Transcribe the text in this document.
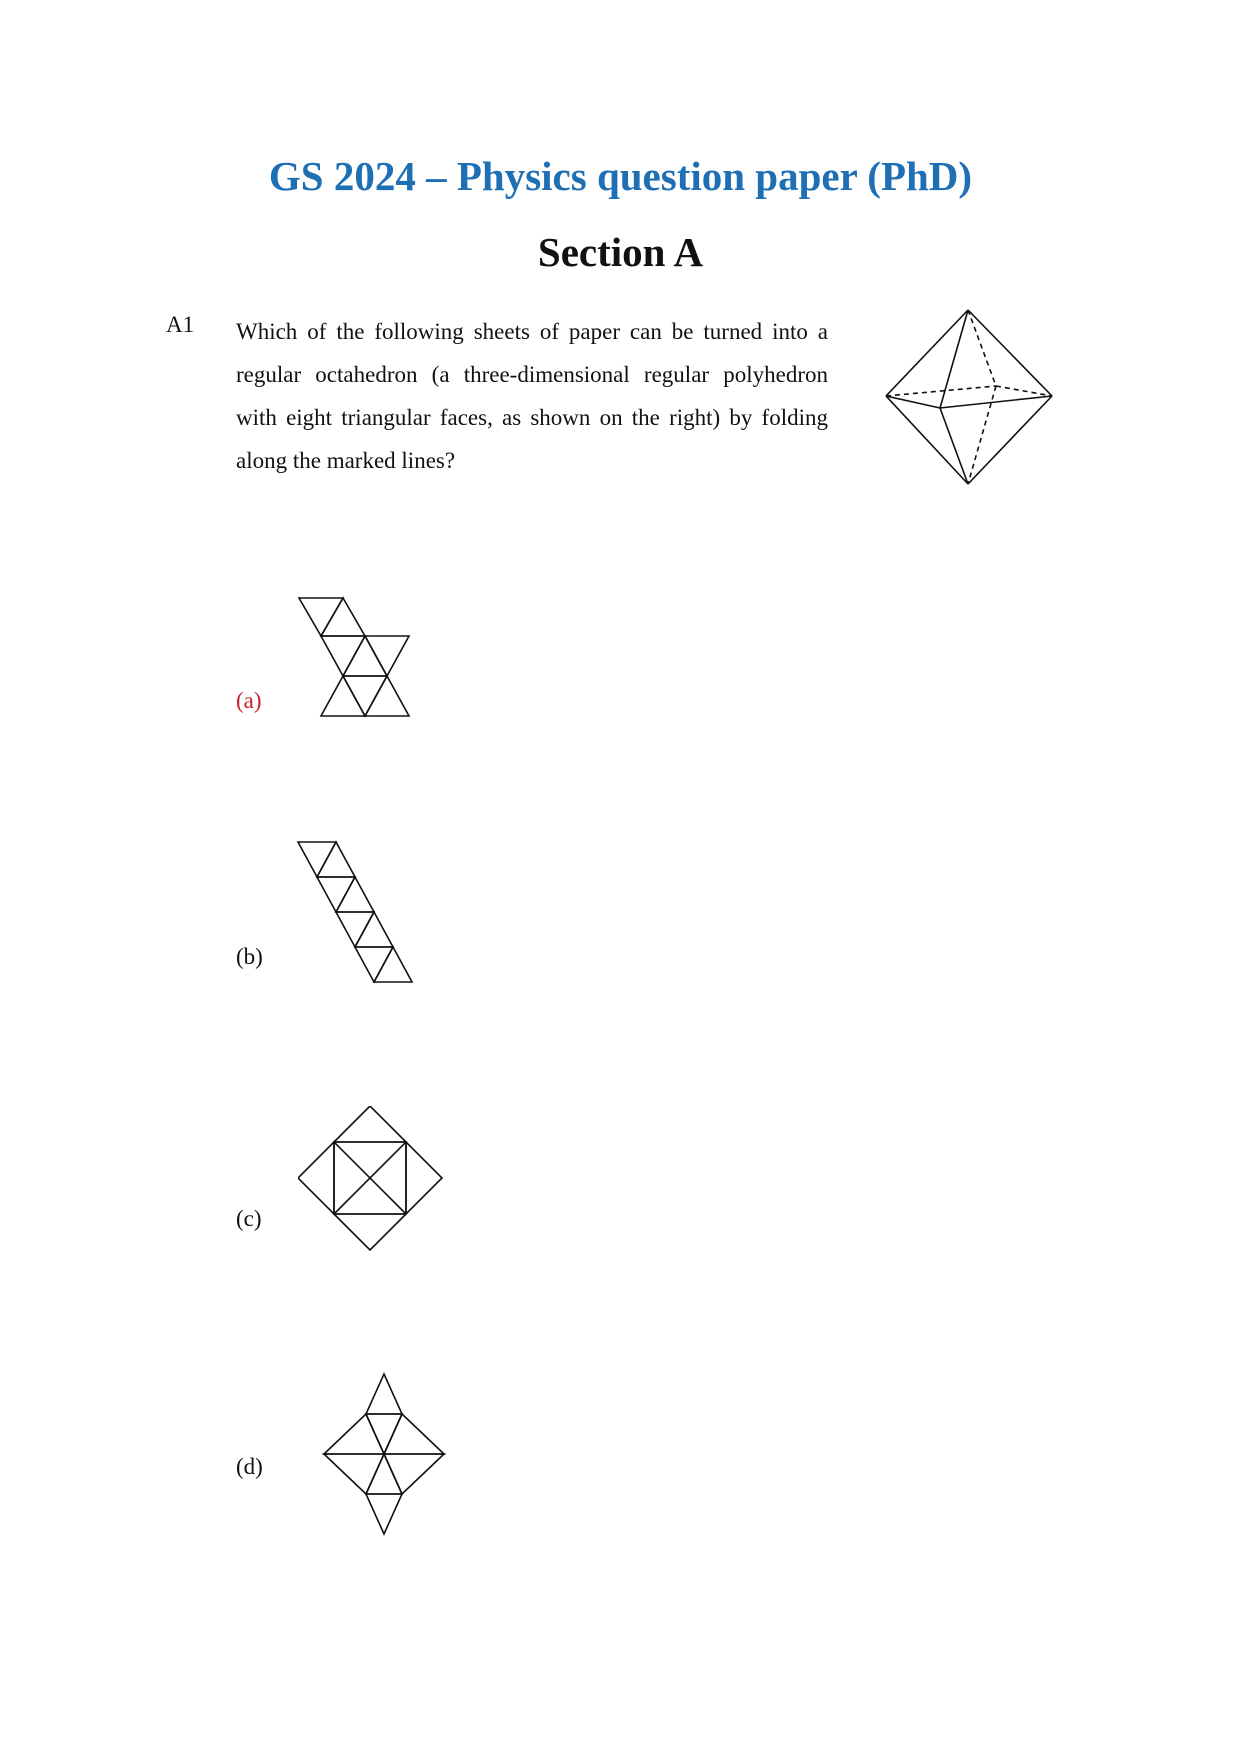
GS 2024 – Physics question paper (PhD)
Section A
A1 Which of the following sheets of paper can be turned into a regular octahedron (a three-dimensional regular polyhedron with eight triangular faces, as shown on the right) by folding along the marked lines?

(a)
(b)
(c)
(d)
